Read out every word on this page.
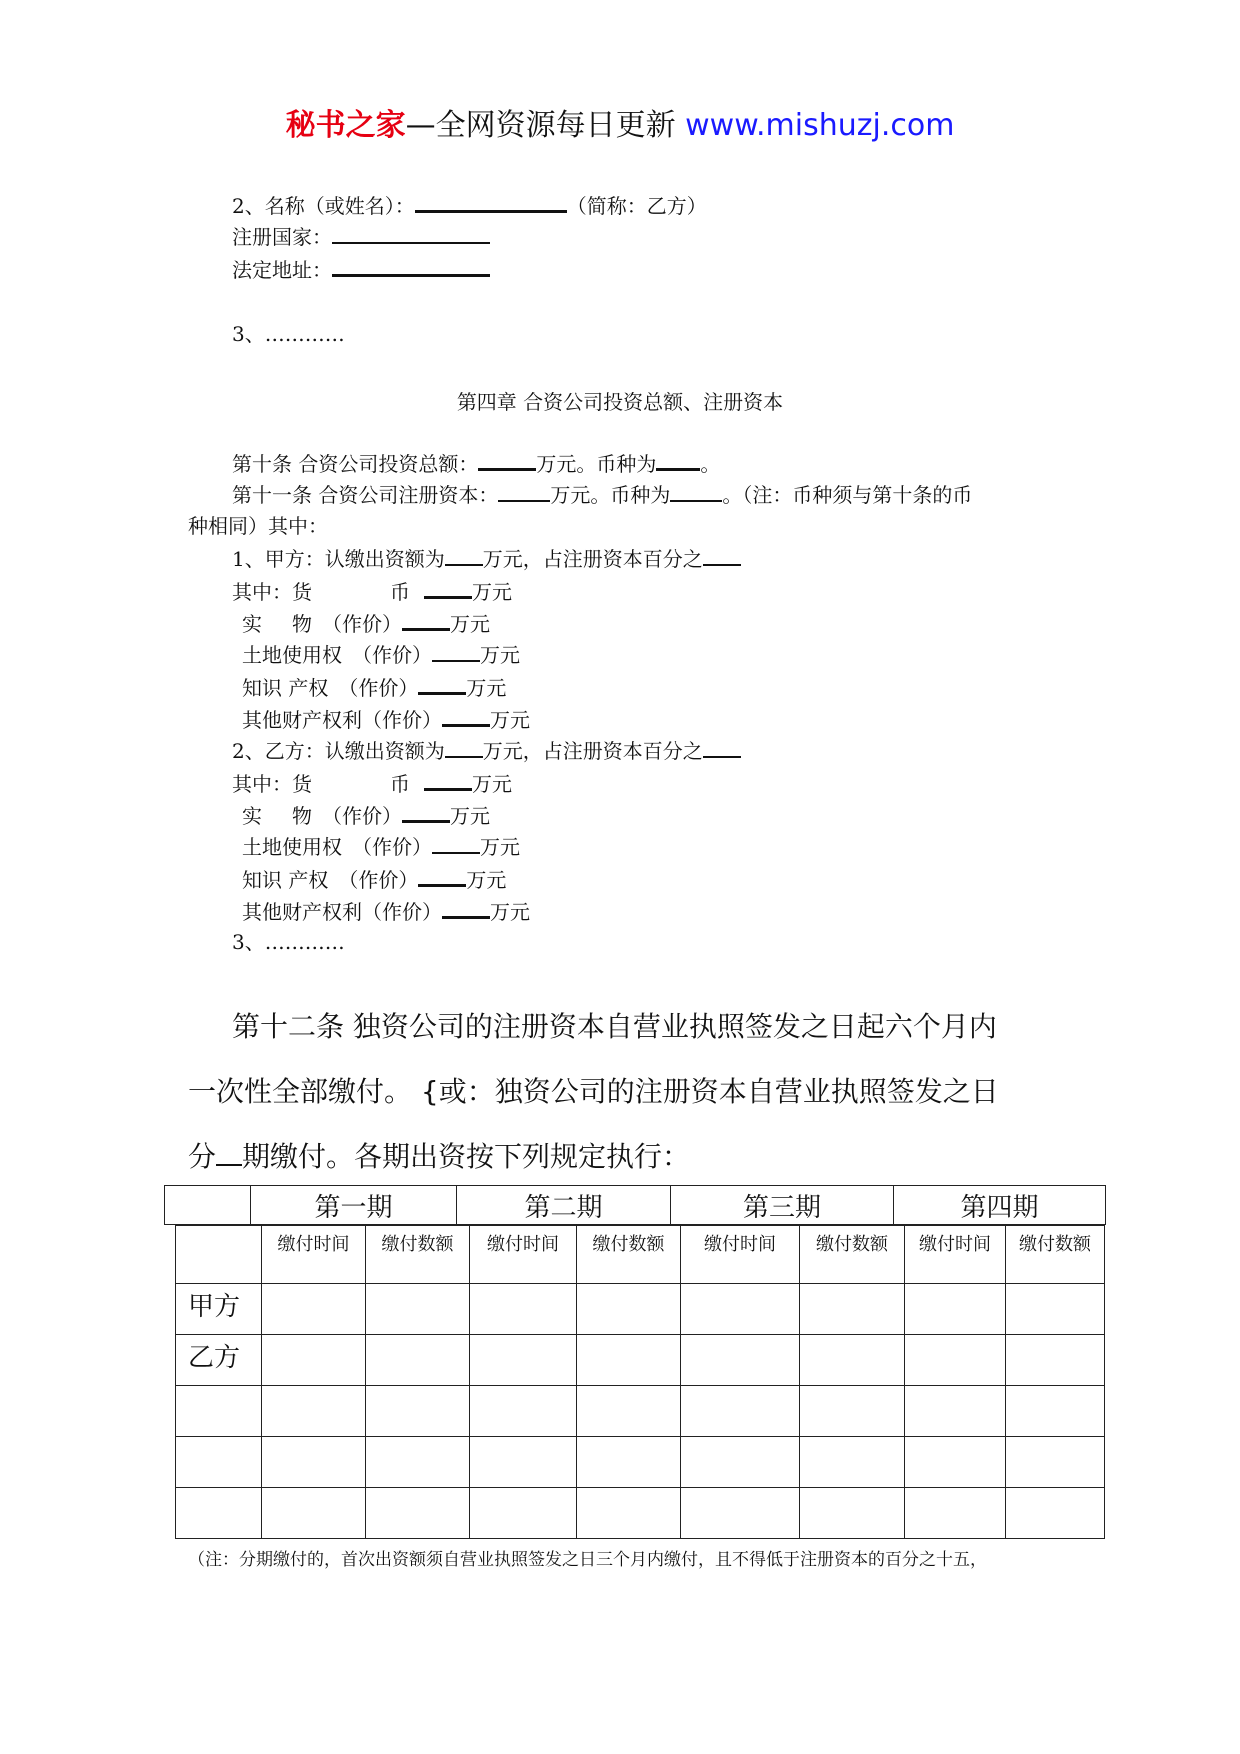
秘书之家—全网资源每日更新 www.mishuzj.com
2、名称（或姓名）：	（简称：乙方）
注册国家：
法定地址：
3、…………
第四章 合资公司投资总额、注册资本
第十条 合资公司投资总额：	万元。币种为 。
第十一条 合资公司注册资本：	万元。币种为	。（注：币种须与第十条的币
种相同）其中：
1、甲方：认缴出资额为 万元，占注册资本百分之
其中：货	币	万元
实 物 （作价） 万元
土地使用权 （作价） 万元
知识 产权 （作价） 万元
其他财产权利（作价） 万元
2、乙方：认缴出资额为 万元，占注册资本百分之
其中：货	币	万元
实 物 （作价） 万元
土地使用权 （作价） 万元
知识 产权 （作价） 万元
其他财产权利（作价） 万元
3、…………
第十二条 独资公司的注册资本自营业执照签发之日起六个月内
一次性全部缴付。 {或：独资公司的注册资本自营业执照签发之日
分 期缴付。各期出资按下列规定执行：
	第一期	第二期	第三期	第四期
	缴付时间	缴付数额	缴付时间	缴付数额	缴付时间	缴付数额	缴付时间	缴付数额
甲方								
乙方								

（注：分期缴付的，首次出资额须自营业执照签发之日三个月内缴付，且不得低于注册资本的百分之十五，
